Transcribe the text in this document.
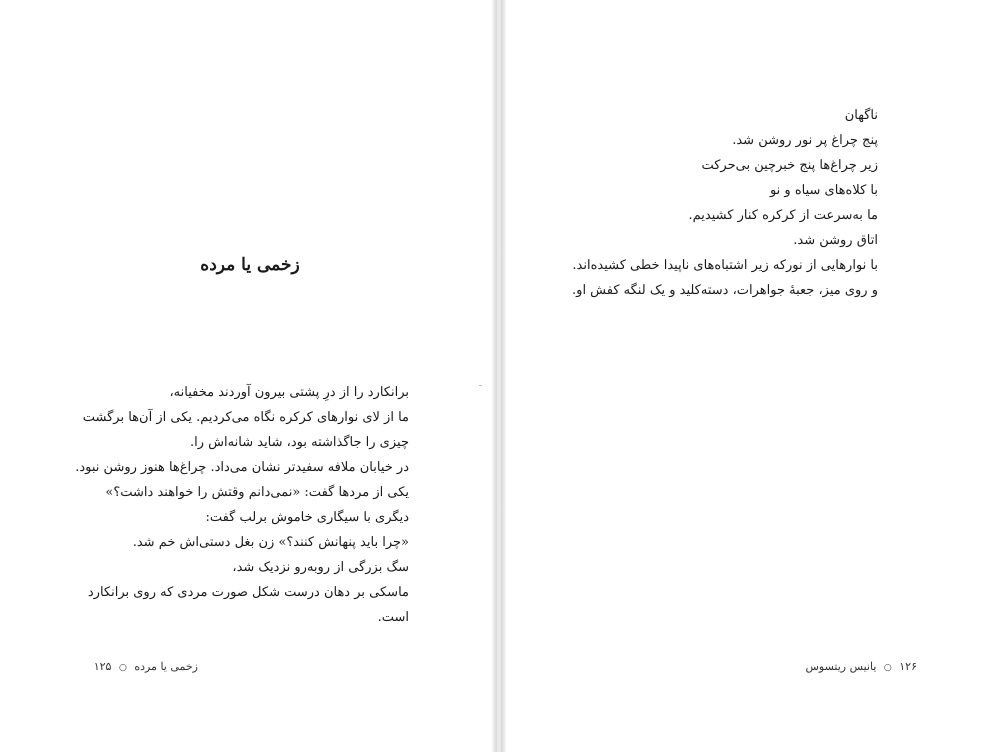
زخمی یا مرده
برانکارد را از درِ پشتی بیرون آوردند مخفیانه،
ما از لای نوارهای کرکره نگاه می‌کردیم. یکی از آن‌ها برگشت
چیزی را جاگذاشته بود، شاید شانه‌اش را.
در خیابان ملافه سفیدتر نشان می‌داد. چراغ‌ها هنوز روشن نبود.
یکی از مردها گفت: «نمی‌دانم وقتش را خواهند داشت؟»
دیگری با سیگاری خاموش برلب گفت:
«چرا باید پنهانش کنند؟» زن بغل دستی‌اش خم شد.
سگ بزرگی از روبه‌رو نزدیک شد،
ماسکی بر دهان درست شکل صورت مردی که روی برانکارد
است.
زخمی یا مرده ○ ۱۲۵
ناگهان
پنج چراغ پر نور روشن شد.
زیر چراغ‌ها پنج خبرچین بی‌حرکت
با کلاه‌های سیاه و نو
ما به‌سرعت از کرکره کنار کشیدیم.
اتاق روشن شد.
با نوارهایی از نورکه زیر اشتباه‌های ناپیدا خطی کشیده‌اند.
و روی میز، جعبهٔ جواهرات، دسته‌کلید و یک لنگه کفش او.
۱۲۶ ○ یانیس ریتسوس
